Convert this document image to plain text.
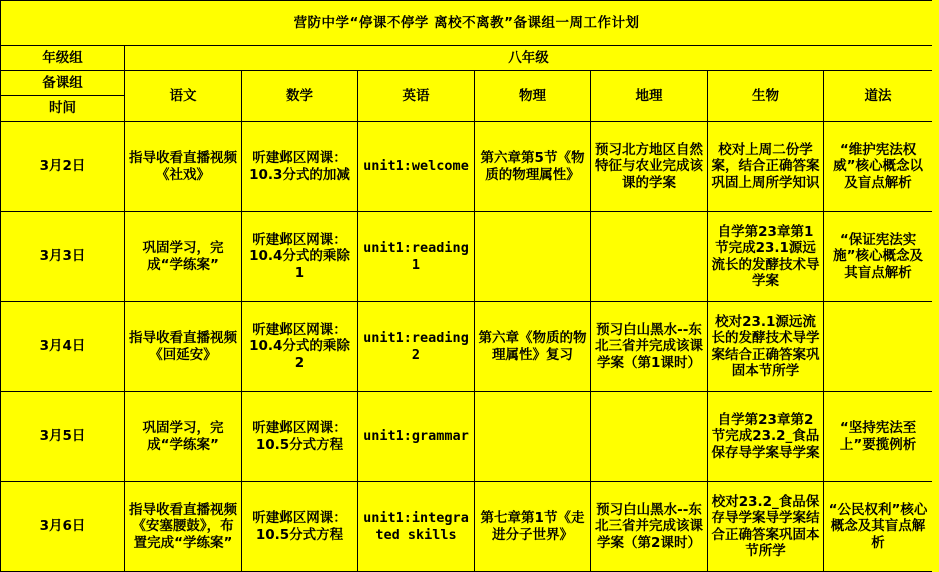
营防中学“停课不停学 离校不离教”备课组一周工作计划							
年级组	八年级						
备课组	语文	数学	英语	物理	地理	生物	道法
时间							
3月2日	指导收看直播视频《社戏》	听建邺区网课：10.3分式的加减	unit1:welcome	第六章第5节《物质的物理属性》	预习北方地区自然特征与农业完成该课的学案	校对上周二份学案，结合正确答案巩固上周所学知识	“维护宪法权威”核心概念以及盲点解析
3月3日	巩固学习，完成“学练案”	听建邺区网课：10.4分式的乘除1	unit1:reading1			自学第23章第1节完成23.1源远流长的发酵技术导学案	“保证宪法实施”核心概念及其盲点解析
3月4日	指导收看直播视频《回延安》	听建邺区网课：10.4分式的乘除2	unit1:reading2	第六章《物质的物理属性》复习	预习白山黑水--东北三省并完成该课学案（第1课时）	校对23.1源远流长的发酵技术导学案结合正确答案巩固本节所学	
3月5日	巩固学习，完成“学练案”	听建邺区网课：10.5分式方程	unit1:grammar			自学第23章第2节完成23.2_食品保存导学案导学案	“坚持宪法至上”要揽例析
3月6日	指导收看直播视频《安塞腰鼓》，布置完成“学练案”	听建邺区网课：10.5分式方程	unit1:integrated skills	第七章第1节《走进分子世界》	预习白山黑水--东北三省并完成该课学案（第2课时）	校对23.2_食品保存导学案导学案结合正确答案巩固本节所学	“公民权利”核心概念及其盲点解析
